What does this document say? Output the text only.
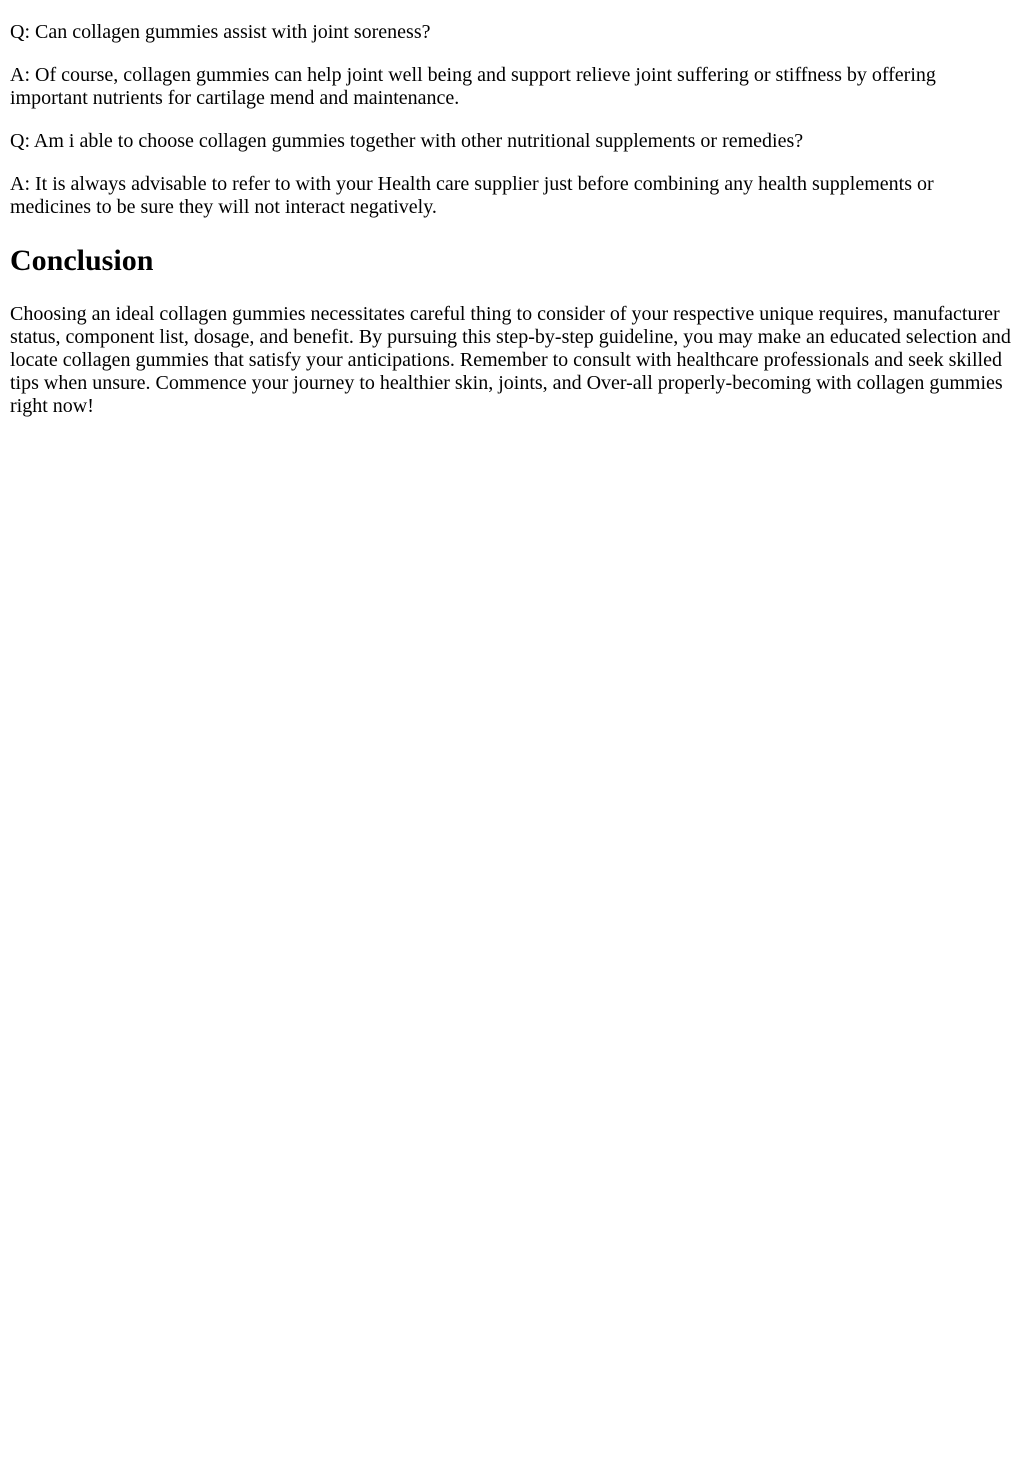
Q: Can collagen gummies assist with joint soreness?

A: Of course, collagen gummies can help joint well being and support relieve joint suffering or stiffness by offering important nutrients for cartilage mend and maintenance.

Q: Am i able to choose collagen gummies together with other nutritional supplements or remedies?

A: It is always advisable to refer to with your Health care supplier just before combining any health supplements or medicines to be sure they will not interact negatively.

Conclusion

Choosing an ideal collagen gummies necessitates careful thing to consider of your respective unique requires, manufacturer status, component list, dosage, and benefit. By pursuing this step-by-step guideline, you may make an educated selection and locate collagen gummies that satisfy your anticipations. Remember to consult with healthcare professionals and seek skilled tips when unsure. Commence your journey to healthier skin, joints, and Over-all properly-becoming with collagen gummies right now!
